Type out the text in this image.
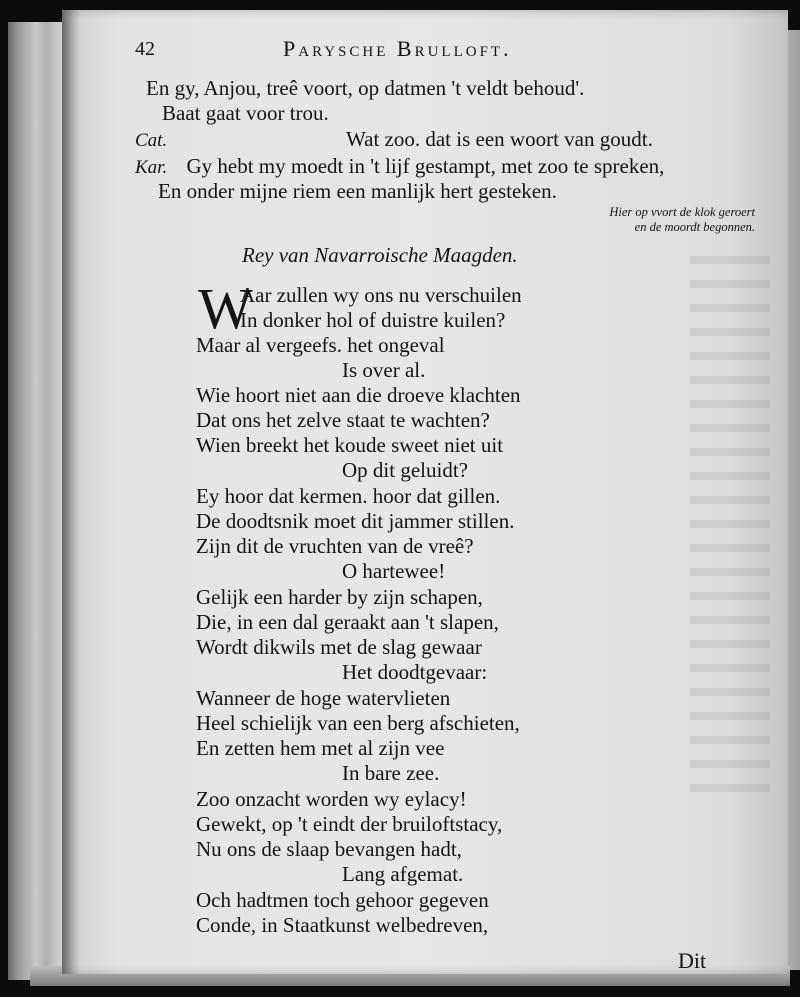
42	Parysche Brulloft.
En gy, Anjou, treê voort, op datmen 't veldt behoud'.
Baat gaat voor trou.
Cat.	Wat zoo. dat is een woort van goudt.
Kar. Gy hebt my moedt in 't lijf gestampt, met zoo te spreken,
En onder mijne riem een manlijk hert gesteken.
Hier op vvort de klok geroert
en de moordt begonnen.
Rey van Navarroische Maagden.
W
Aar zullen wy ons nu verschuilen
In donker hol of duistre kuilen?
Maar al vergeefs. het ongeval
Is over al.
Wie hoort niet aan die droeve klachten
Dat ons het zelve staat te wachten?
Wien breekt het koude sweet niet uit
Op dit geluidt?
Ey hoor dat kermen. hoor dat gillen.
De doodtsnik moet dit jammer stillen.
Zijn dit de vruchten van de vreê?
O hartewee!
Gelijk een harder by zijn schapen,
Die, in een dal geraakt aan 't slapen,
Wordt dikwils met de slag gewaar
Het doodtgevaar:
Wanneer de hoge watervlieten
Heel schielijk van een berg afschieten,
En zetten hem met al zijn vee
In bare zee.
Zoo onzacht worden wy eylacy!
Gewekt, op 't eindt der bruiloftstacy,
Nu ons de slaap bevangen hadt,
Lang afgemat.
Och hadtmen toch gehoor gegeven
Conde, in Staatkunst welbedreven,
Dit
